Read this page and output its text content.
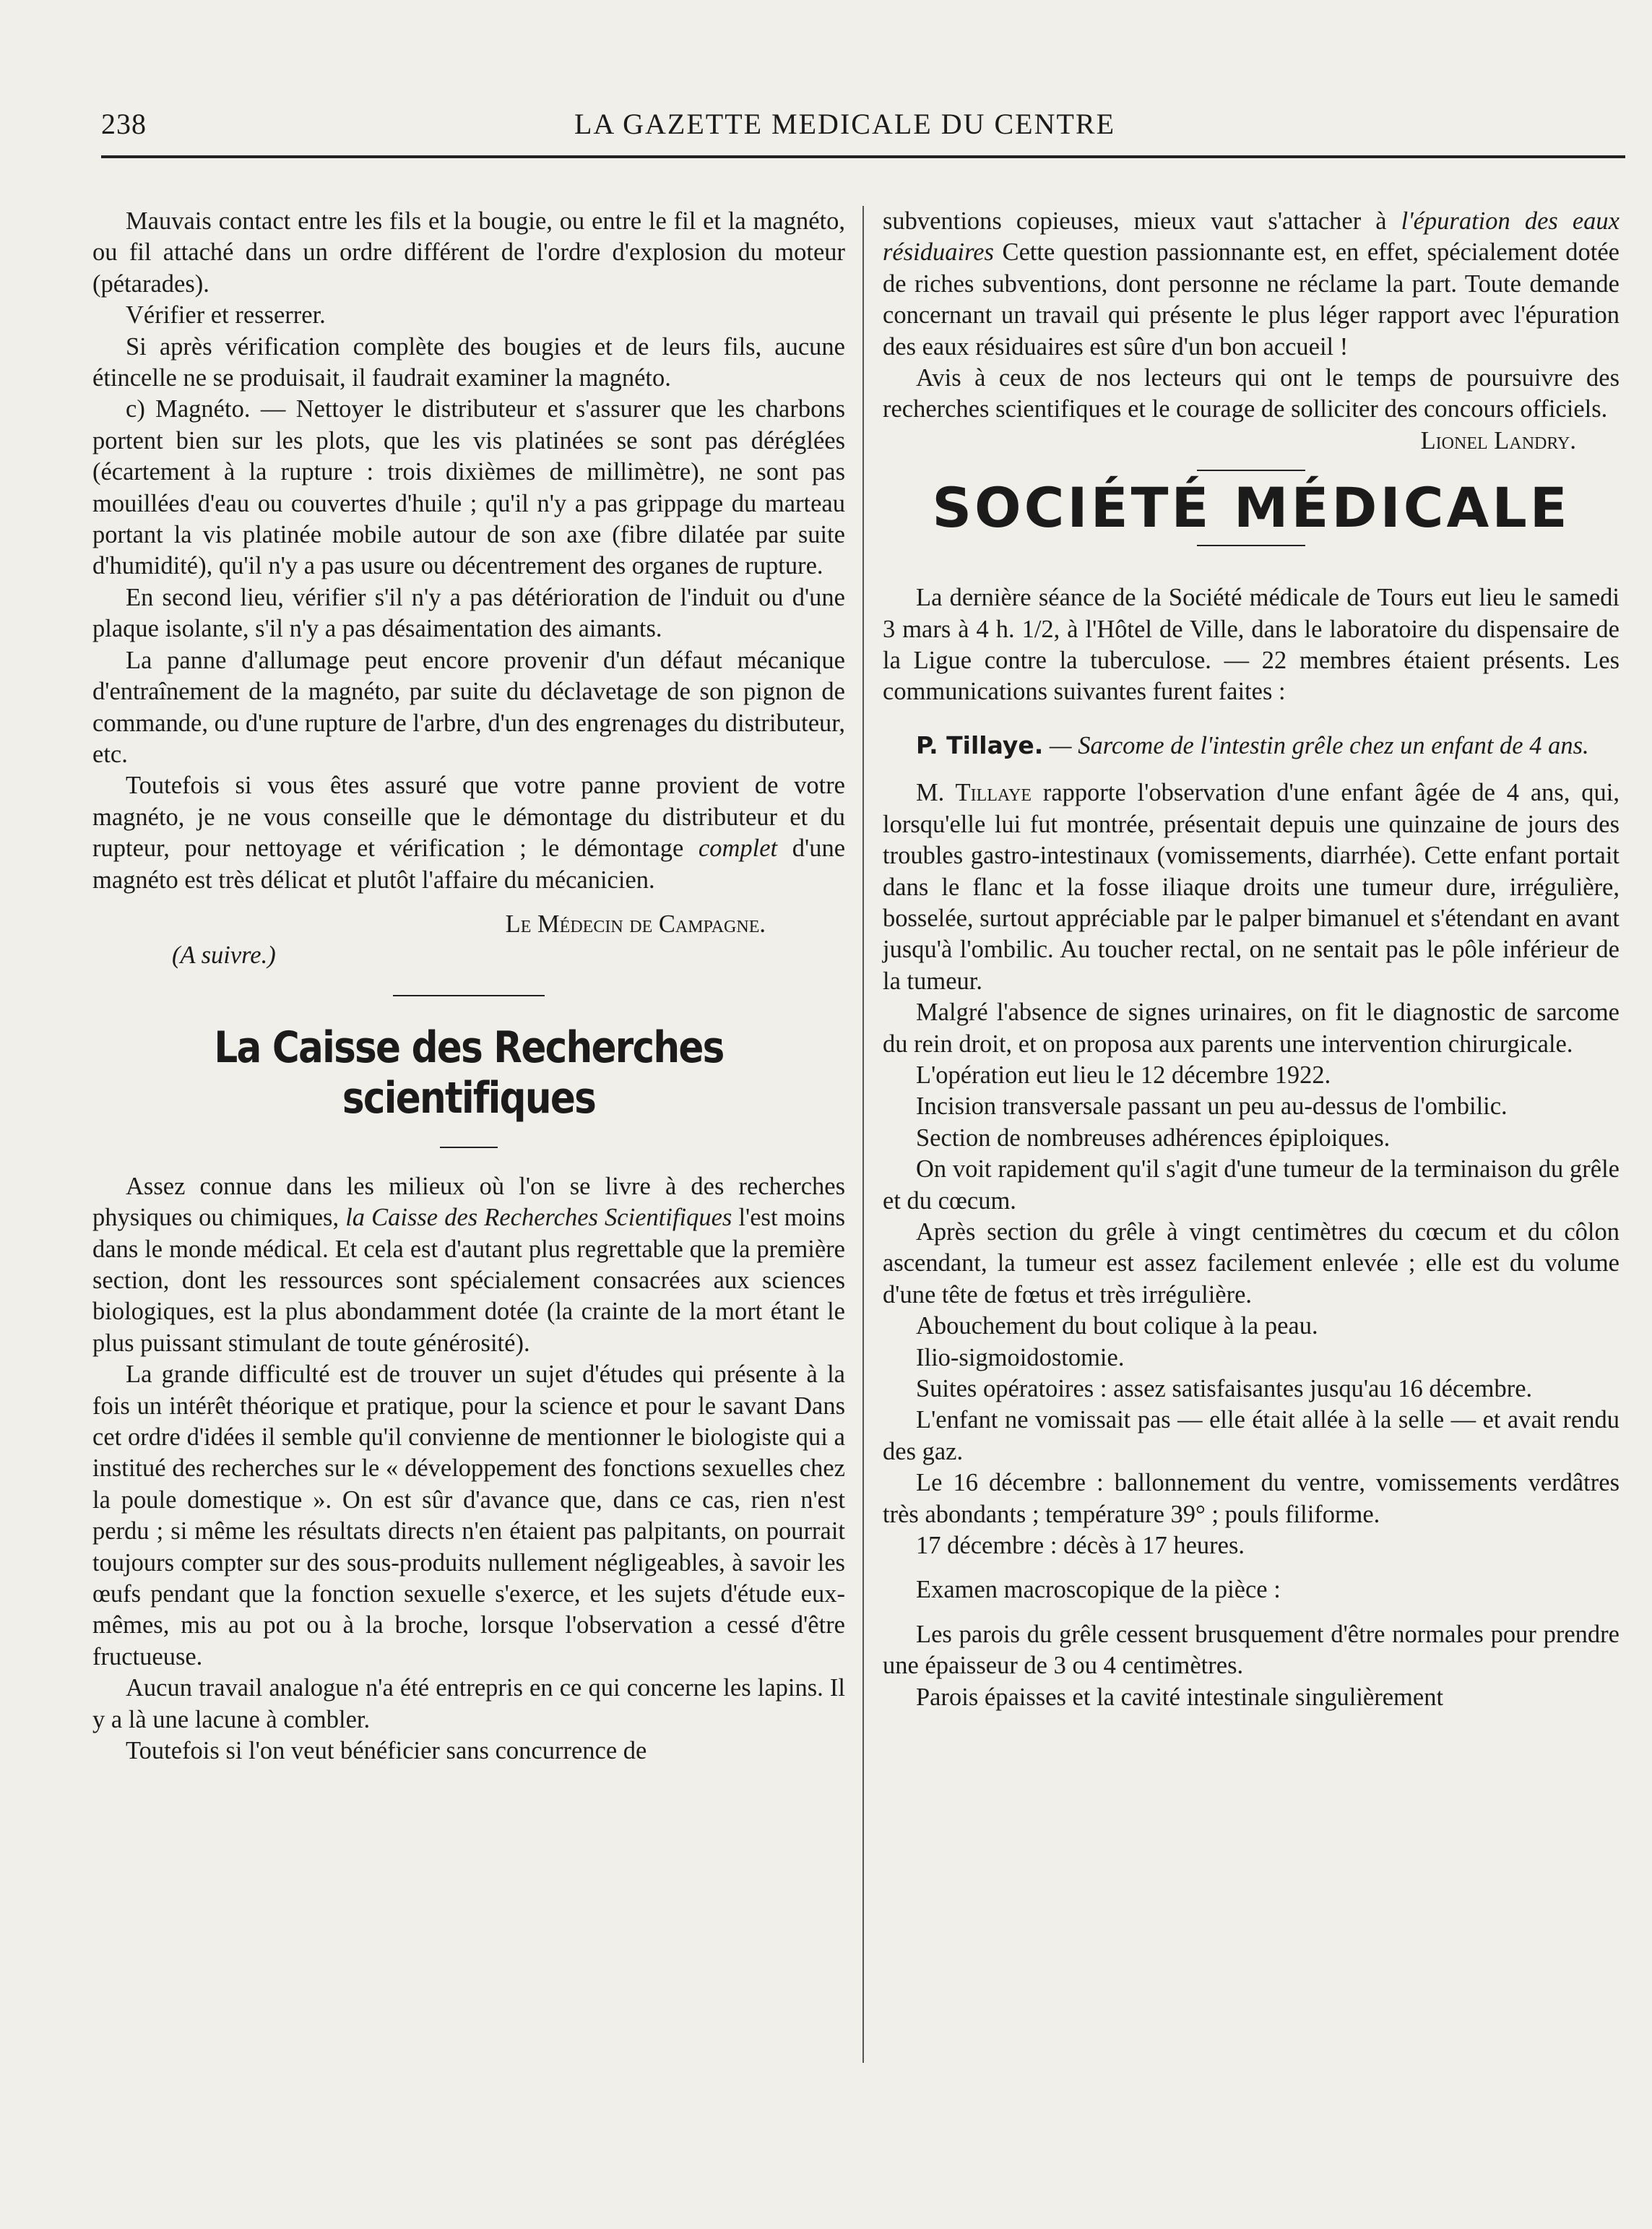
238	LA GAZETTE MEDICALE DU CENTRE

Mauvais contact entre les fils et la bougie, ou entre le fil et la magnéto, ou fil attaché dans un ordre différent de l'ordre d'explosion du moteur (pétarades).

Vérifier et resserrer.

Si après vérification complète des bougies et de leurs fils, aucune étincelle ne se produisait, il faudrait examiner la magnéto.

c) Magnéto. — Nettoyer le distributeur et s'assurer que les charbons portent bien sur les plots, que les vis platinées se sont pas déréglées (écartement à la rupture : trois dixièmes de millimètre), ne sont pas mouillées d'eau ou couvertes d'huile ; qu'il n'y a pas grippage du marteau portant la vis platinée mobile autour de son axe (fibre dilatée par suite d'humidité), qu'il n'y a pas usure ou décentrement des organes de rupture.

En second lieu, vérifier s'il n'y a pas détérioration de l'induit ou d'une plaque isolante, s'il n'y a pas désaimentation des aimants.

La panne d'allumage peut encore provenir d'un défaut mécanique d'entraînement de la magnéto, par suite du déclavetage de son pignon de commande, ou d'une rupture de l'arbre, d'un des engrenages du distributeur, etc.

Toutefois si vous êtes assuré que votre panne provient de votre magnéto, je ne vous conseille que le démontage du distributeur et du rupteur, pour nettoyage et vérification ; le démontage complet d'une magnéto est très délicat et plutôt l'affaire du mécanicien.

Le Médecin de Campagne.

(A suivre.)

La Caisse des Recherches scientifiques

Assez connue dans les milieux où l'on se livre à des recherches physiques ou chimiques, la Caisse des Recherches Scientifiques l'est moins dans le monde médical. Et cela est d'autant plus regrettable que la première section, dont les ressources sont spécialement consacrées aux sciences biologiques, est la plus abondamment dotée (la crainte de la mort étant le plus puissant stimulant de toute générosité).

La grande difficulté est de trouver un sujet d'études qui présente à la fois un intérêt théorique et pratique, pour la science et pour le savant Dans cet ordre d'idées il semble qu'il convienne de mentionner le biologiste qui a institué des recherches sur le « développement des fonctions sexuelles chez la poule domestique ». On est sûr d'avance que, dans ce cas, rien n'est perdu ; si même les résultats directs n'en étaient pas palpitants, on pourrait toujours compter sur des sous-produits nullement négligeables, à savoir les œufs pendant que la fonction sexuelle s'exerce, et les sujets d'étude eux-mêmes, mis au pot ou à la broche, lorsque l'observation a cessé d'être fructueuse.

Aucun travail analogue n'a été entrepris en ce qui concerne les lapins. Il y a là une lacune à combler.

Toutefois si l'on veut bénéficier sans concurrence de

subventions copieuses, mieux vaut s'attacher à l'épuration des eaux résiduaires Cette question passionnante est, en effet, spécialement dotée de riches subventions, dont personne ne réclame la part. Toute demande concernant un travail qui présente le plus léger rapport avec l'épuration des eaux résiduaires est sûre d'un bon accueil !

Avis à ceux de nos lecteurs qui ont le temps de poursuivre des recherches scientifiques et le courage de solliciter des concours officiels.

Lionel Landry.

SOCIÉTÉ MÉDICALE

La dernière séance de la Société médicale de Tours eut lieu le samedi 3 mars à 4 h. 1/2, à l'Hôtel de Ville, dans le laboratoire du dispensaire de la Ligue contre la tuberculose. — 22 membres étaient présents. Les communications suivantes furent faites :

P. Tillaye. — Sarcome de l'intestin grêle chez un enfant de 4 ans.

M. Tillaye rapporte l'observation d'une enfant âgée de 4 ans, qui, lorsqu'elle lui fut montrée, présentait depuis une quinzaine de jours des troubles gastro-intestinaux (vomissements, diarrhée). Cette enfant portait dans le flanc et la fosse iliaque droits une tumeur dure, irrégulière, bosselée, surtout appréciable par le palper bimanuel et s'étendant en avant jusqu'à l'ombilic. Au toucher rectal, on ne sentait pas le pôle inférieur de la tumeur.

Malgré l'absence de signes urinaires, on fit le diagnostic de sarcome du rein droit, et on proposa aux parents une intervention chirurgicale.

L'opération eut lieu le 12 décembre 1922.

Incision transversale passant un peu au-dessus de l'ombilic.

Section de nombreuses adhérences épiploiques.

On voit rapidement qu'il s'agit d'une tumeur de la terminaison du grêle et du cœcum.

Après section du grêle à vingt centimètres du cœcum et du côlon ascendant, la tumeur est assez facilement enlevée ; elle est du volume d'une tête de fœtus et très irrégulière.

Abouchement du bout colique à la peau.

Ilio-sigmoidostomie.

Suites opératoires : assez satisfaisantes jusqu'au 16 décembre.

L'enfant ne vomissait pas — elle était allée à la selle — et avait rendu des gaz.

Le 16 décembre : ballonnement du ventre, vomissements verdâtres très abondants ; température 39° ; pouls filiforme.

17 décembre : décès à 17 heures.

Examen macroscopique de la pièce :

Les parois du grêle cessent brusquement d'être normales pour prendre une épaisseur de 3 ou 4 centimètres.

Parois épaisses et la cavité intestinale singulièrement
